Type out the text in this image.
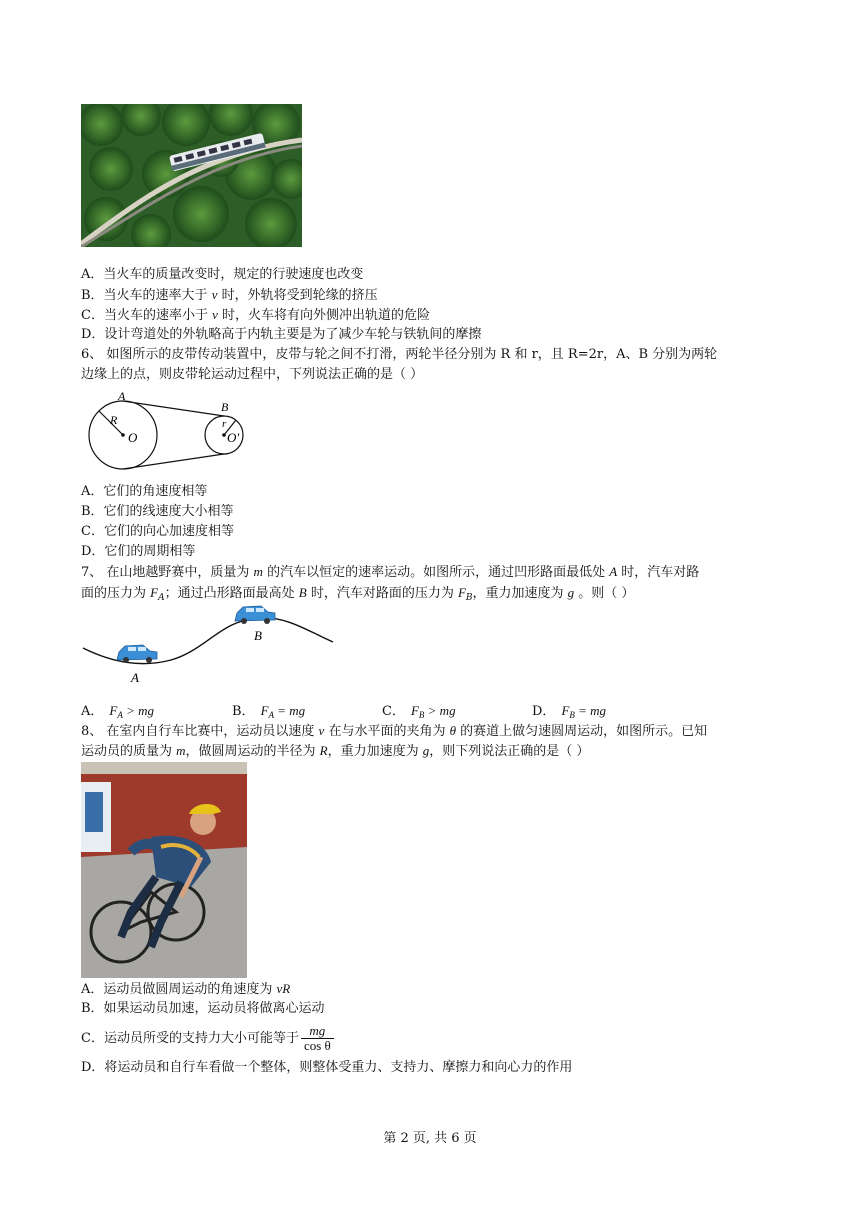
A．当火车的质量改变时，规定的行驶速度也改变
B．当火车的速率大于 v 时，外轨将受到轮缘的挤压
C．当火车的速率小于 v 时，火车将有向外侧冲出轨道的危险
D．设计弯道处的外轨略高于内轨主要是为了减少车轮与铁轨间的摩擦
6、 如图所示的皮带传动装置中，皮带与轮之间不打滑，两轮半径分别为 R 和 r，且 R=2r，A、B 分别为两轮
边缘上的点，则皮带轮运动过程中，下列说法正确的是（ ）
A
B
R	r
O	O′
A．它们的角速度相等
B．它们的线速度大小相等
C．它们的向心加速度相等
D．它们的周期相等
7、 在山地越野赛中，质量为 m 的汽车以恒定的速率运动。如图所示，通过凹形路面最低处 A 时，汽车对路
面的压力为 $F_A$；通过凸形路面最高处 B 时，汽车对路面的压力为 $F_B$，重力加速度为 g 。则（ ）
A
B
A． $F_A$ > mg	B． $F_A$ = mg	C． $F_B$ > mg	D． $F_B$ = mg
8、 在室内自行车比赛中，运动员以速度 v 在与水平面的夹角为 θ 的赛道上做匀速圆周运动，如图所示。已知
运动员的质量为 m，做圆周运动的半径为 R，重力加速度为 g，则下列说法正确的是（ ）
A．运动员做圆周运动的角速度为 vR
B．如果运动员加速，运动员将做离心运动
C．运动员所受的支持力大小可能等于 $\frac{mg}{\text{cos θ}}$
D．将运动员和自行车看做一个整体，则整体受重力、支持力、摩擦力和向心力的作用
第 2 页, 共 6 页
